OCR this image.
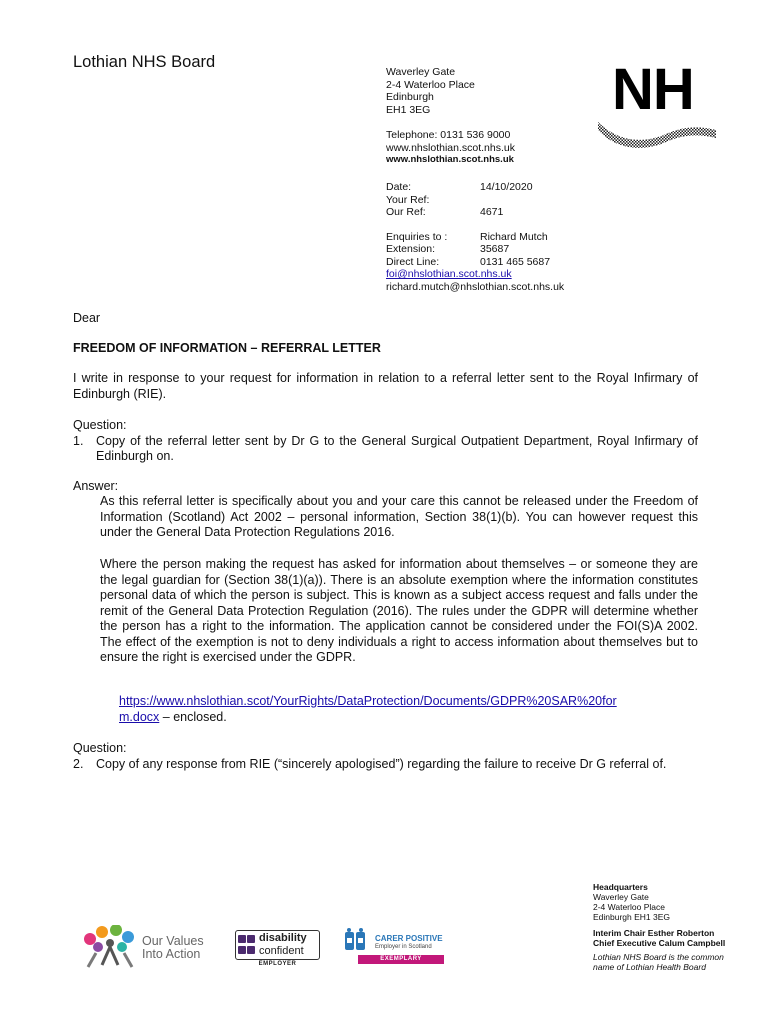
Lothian NHS Board
Waverley Gate
2-4 Waterloo Place
Edinburgh
EH1 3EG
Telephone: 0131 536 9000
www.nhslothian.scot.nhs.uk
www.nhslothian.scot.nhs.uk
NH
Date:	14/10/2020
Your Ref:
Our Ref:	4671
Enquiries to :	Richard Mutch
Extension:	35687
Direct Line:	0131 465 5687
foi@nhslothian.scot.nhs.uk
richard.mutch@nhslothian.scot.nhs.uk
Dear
FREEDOM OF INFORMATION – REFERRAL LETTER
I write in response to your request for information in relation to a referral letter sent to the Royal Infirmary of Edinburgh (RIE).
Question:
1.	Copy of the referral letter sent by Dr G to the General Surgical Outpatient Department, Royal Infirmary of Edinburgh on.
Answer:
As this referral letter is specifically about you and your care this cannot be released under the Freedom of Information (Scotland) Act 2002 – personal information, Section 38(1)(b). You can however request this under the General Data Protection Regulations 2016.
Where the person making the request has asked for information about themselves – or someone they are the legal guardian for (Section 38(1)(a)). There is an absolute exemption where the information constitutes personal data of which the person is subject. This is known as a subject access request and falls under the remit of the General Data Protection Regulation (2016). The rules under the GDPR will determine whether the person has a right to the information. The application cannot be considered under the FOI(S)A 2002. The effect of the exemption is not to deny individuals a right to access information about themselves but to ensure the right is exercised under the GDPR.
https://www.nhslothian.scot/YourRights/DataProtection/Documents/GDPR%20SAR%20for
m.docx – enclosed.
Question:
2.	Copy of any response from RIE (“sincerely apologised”) regarding the failure to receive Dr G referral of.
Headquarters
Waverley Gate
2-4 Waterloo Place
Edinburgh EH1 3EG
Interim Chair Esther Roberton
Chief Executive Calum Campbell
Lothian NHS Board is the common
name of Lothian Health Board
Our Values
Into Action
disability
confident
EMPLOYER
CARER POSITIVE
Employer in Scotland
EXEMPLARY
